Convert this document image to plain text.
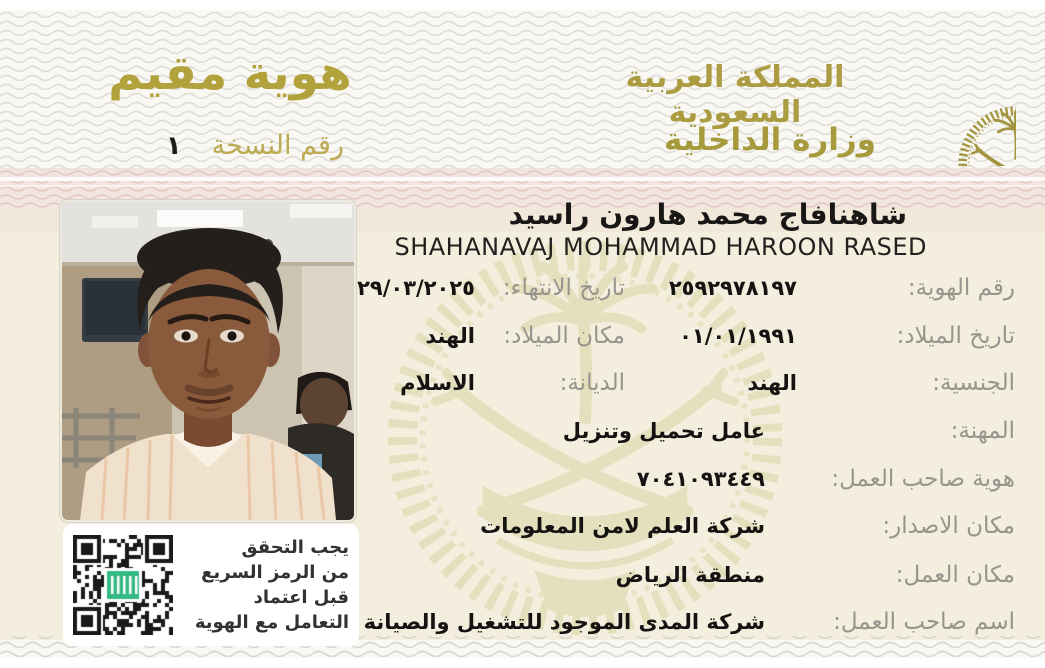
هوية مقيم
رقم النسخة
١
المملكة العربية السعودية
وزارة الداخلية
شاهنافاج محمد هارون راسيد
SHAHANAVAJ MOHAMMAD HAROON RASED
رقم الهوية:
٢٥٩٢٩٧٨١٩٧
تاريخ الانتهاء:
٢٩/٠٣/٢٠٢٥
تاريخ الميلاد:
٠١/٠١/١٩٩١
مكان الميلاد:
الهند
الجنسية:
الهند
الديانة:
الاسلام
المهنة:
عامل تحميل وتنزيل
هوية صاحب العمل:
٧٠٤١٠٩٣٤٤٩
مكان الاصدار:
شركة العلم لامن المعلومات
مكان العمل:
منطقة الرياض
اسم صاحب العمل:
شركة المدى الموجود للتشغيل والصيانة
يجب التحقق
من الرمز السريع
قبل اعتماد
التعامل مع الهوية
